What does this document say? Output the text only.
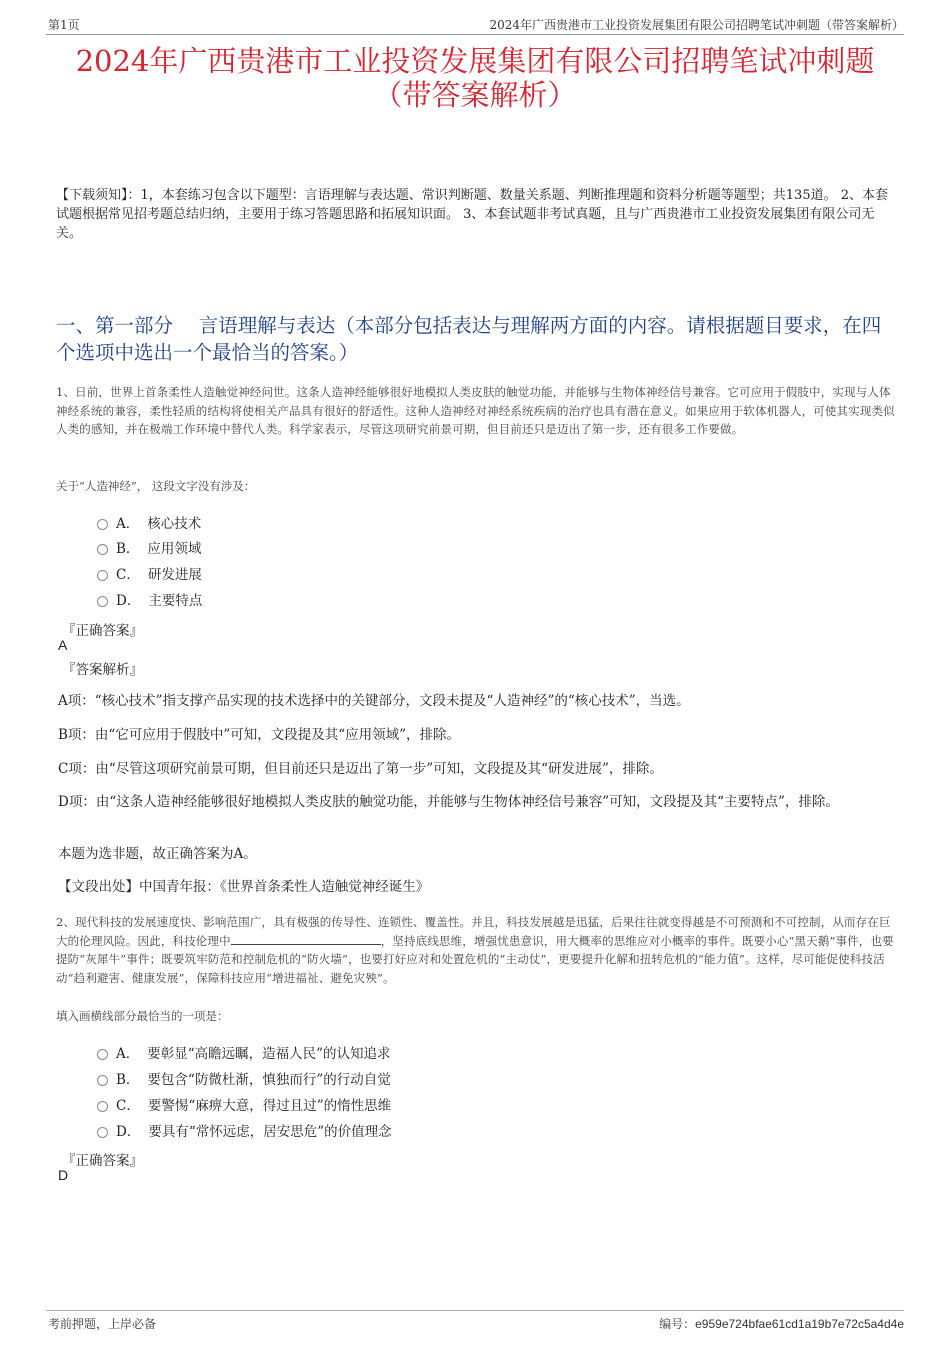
第1页	2024年广西贵港市工业投资发展集团有限公司招聘笔试冲刺题（带答案解析）
2024年广西贵港市工业投资发展集团有限公司招聘笔试冲刺题
（带答案解析）
【下载须知】：1，本套练习包含以下题型：言语理解与表达题、常识判断题、数量关系题、判断推理题和资料分析题等题型；共135道。 2、本套试题根据常见招考题总结归纳，主要用于练习答题思路和拓展知识面。 3、本套试题非考试真题，且与广西贵港市工业投资发展集团有限公司无关。
一、第一部分　 言语理解与表达（本部分包括表达与理解两方面的内容。请根据题目要求，在四个选项中选出一个最恰当的答案。）
1、日前，世界上首条柔性人造触觉神经问世。这条人造神经能够很好地模拟人类皮肤的触觉功能，并能够与生物体神经信号兼容。它可应用于假肢中，实现与人体神经系统的兼容，柔性轻质的结构将使相关产品具有很好的舒适性。这种人造神经对神经系统疾病的治疗也具有潜在意义。如果应用于软体机器人，可使其实现类似人类的感知，并在极端工作环境中替代人类。科学家表示，尽管这项研究前景可期，但目前还只是迈出了第一步，还有很多工作要做。
关于“人造神经”， 这段文字没有涉及：
A． 核心技术
B． 应用领域
C． 研发进展
D． 主要特点
『正确答案』
A
『答案解析』
A项：“核心技术”指支撑产品实现的技术选择中的关键部分，文段未提及“人造神经”的“核心技术”，当选。
B项：由“它可应用于假肢中”可知，文段提及其“应用领域”，排除。
C项：由“尽管这项研究前景可期，但目前还只是迈出了第一步”可知，文段提及其“研发进展”，排除。
D项：由“这条人造神经能够很好地模拟人类皮肤的触觉功能，并能够与生物体神经信号兼容”可知，文段提及其“主要特点”，排除。
本题为选非题，故正确答案为A。
【文段出处】中国青年报：《世界首条柔性人造触觉神经诞生》
2、现代科技的发展速度快、影响范围广，具有极强的传导性、连锁性、覆盖性。并且，科技发展越是迅猛，后果往往就变得越是不可预测和不可控制，从而存在巨大的伦理风险。因此，科技伦理中	，坚持底线思维，增强忧患意识，用大概率的思维应对小概率的事件。既要小心“黑天鹅”事件，也要提防“灰犀牛”事件；既要筑牢防范和控制危机的“防火墙”，也要打好应对和处置危机的“主动仗”，更要提升化解和扭转危机的“能力值”。这样，尽可能促使科技活动“趋利避害、健康发展”，保障科技应用“增进福祉、避免灾殃”。
填入画横线部分最恰当的一项是：
A． 要彰显“高瞻远瞩，造福人民”的认知追求
B． 要包含“防微杜渐，慎独而行”的行动自觉
C． 要警惕“麻痹大意，得过且过”的惰性思维
D． 要具有“常怀远虑，居安思危”的价值理念
『正确答案』
D
考前押题，上岸必备	编号：e959e724bfae61cd1a19b7e72c5a4d4e
